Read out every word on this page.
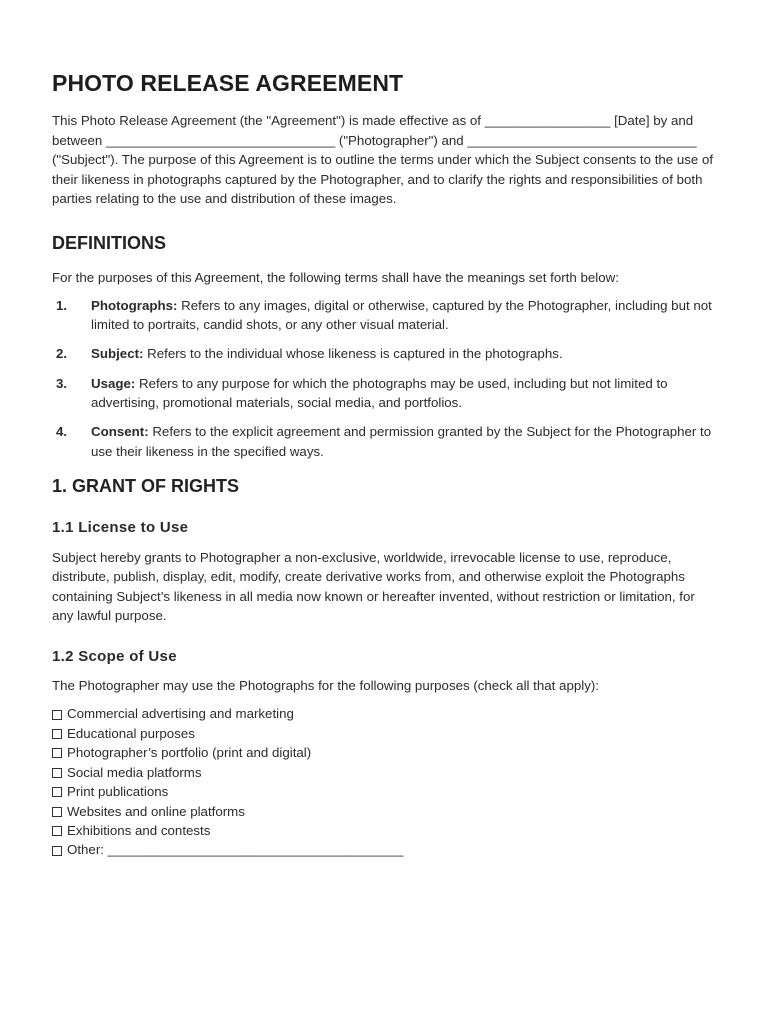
PHOTO RELEASE AGREEMENT

This Photo Release Agreement (the "Agreement") is made effective as of _________________ [Date] by and between _______________________________ ("Photographer") and _______________________________ ("Subject"). The purpose of this Agreement is to outline the terms under which the Subject consents to the use of their likeness in photographs captured by the Photographer, and to clarify the rights and responsibilities of both parties relating to the use and distribution of these images.

DEFINITIONS

For the purposes of this Agreement, the following terms shall have the meanings set forth below:

1.	Photographs: Refers to any images, digital or otherwise, captured by the Photographer, including but not limited to portraits, candid shots, or any other visual material.
2.	Subject: Refers to the individual whose likeness is captured in the photographs.
3.	Usage: Refers to any purpose for which the photographs may be used, including but not limited to advertising, promotional materials, social media, and portfolios.
4.	Consent: Refers to the explicit agreement and permission granted by the Subject for the Photographer to use their likeness in the specified ways.
1. GRANT OF RIGHTS
1.1 License to Use

Subject hereby grants to Photographer a non-exclusive, worldwide, irrevocable license to use, reproduce, distribute, publish, display, edit, modify, create derivative works from, and otherwise exploit the Photographs containing Subject’s likeness in all media now known or hereafter invented, without restriction or limitation, for any lawful purpose.

1.2 Scope of Use

The Photographer may use the Photographs for the following purposes (check all that apply):

Commercial advertising and marketing
Educational purposes
Photographer’s portfolio (print and digital)
Social media platforms
Print publications
Websites and online platforms
Exhibitions and contests
Other: ________________________________________
